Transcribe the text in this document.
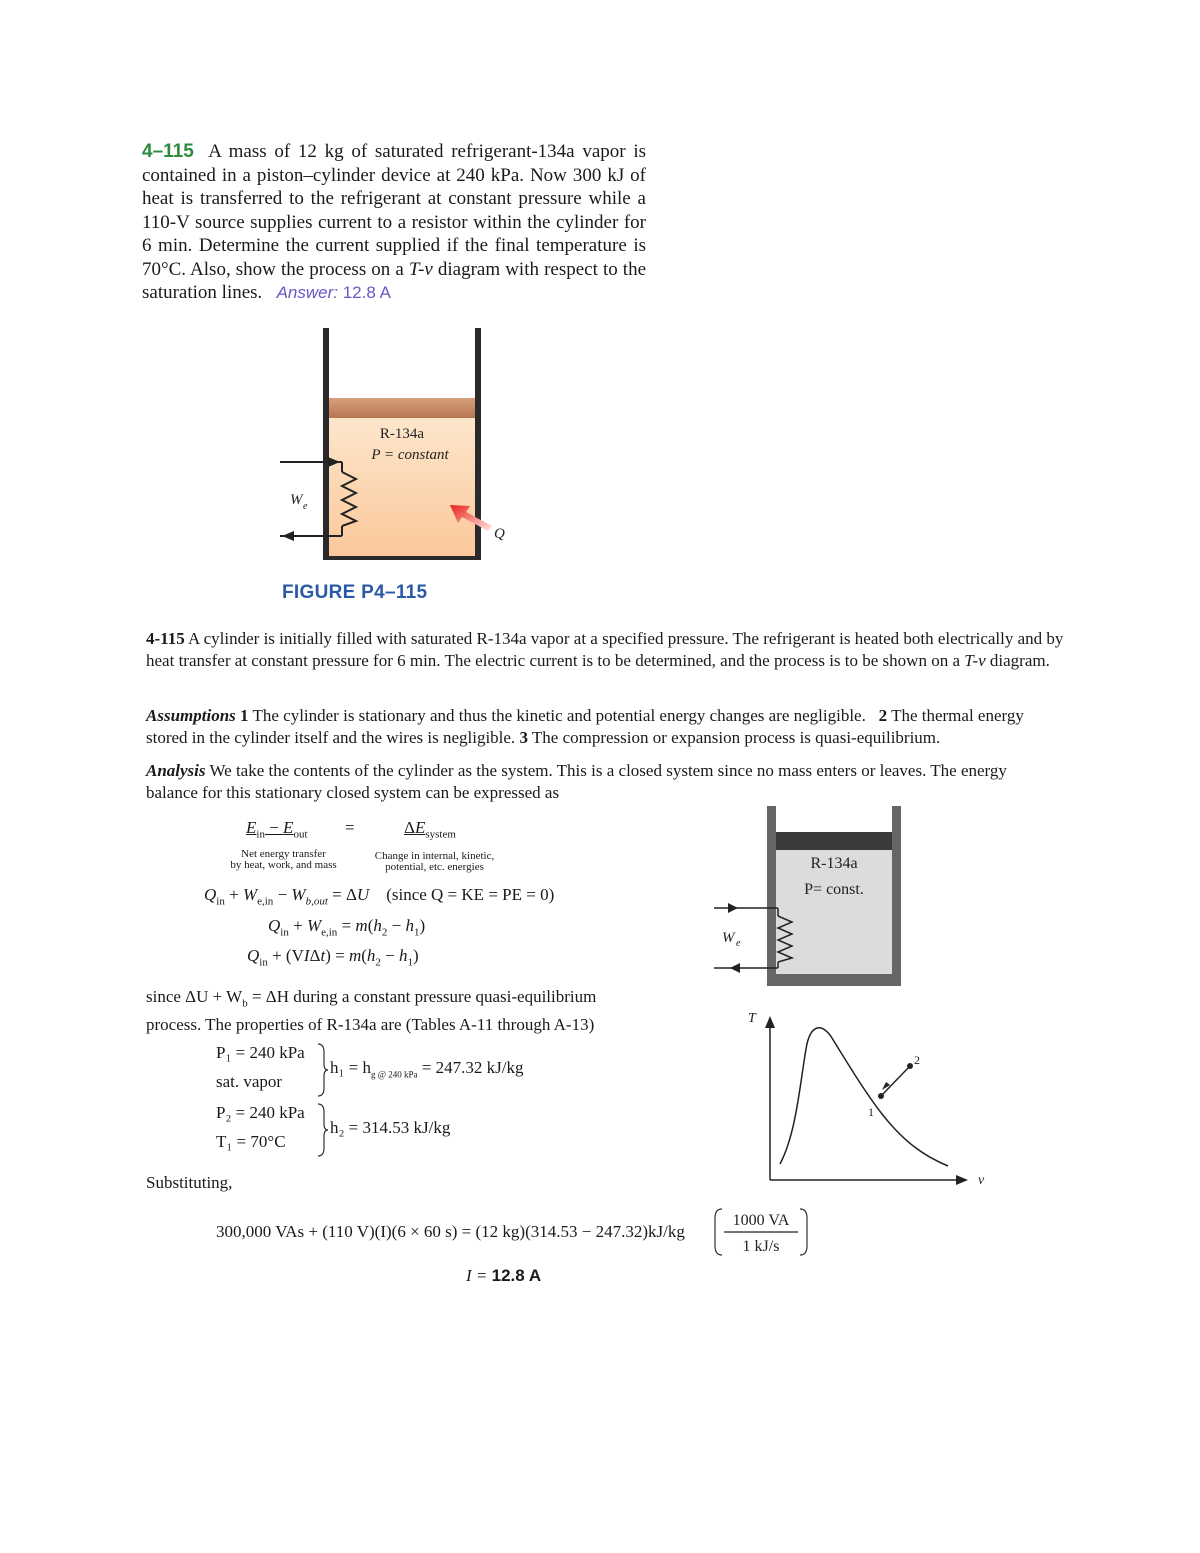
4–115 A mass of 12 kg of saturated refrigerant-134a vapor is contained in a piston–cylinder device at 240 kPa. Now 300 kJ of heat is transferred to the refrigerant at constant pressure while a 110-V source supplies current to a resistor within the cylinder for 6 min. Determine the current supplied if the final temperature is 70°C. Also, show the process on a T-v diagram with respect to the saturation lines. Answer: 12.8 A
R-134a
P = constant
W e
Q
FIGURE P4–115
4-115 A cylinder is initially filled with saturated R-134a vapor at a specified pressure. The refrigerant is heated both electrically and by heat transfer at constant pressure for 6 min. The electric current is to be determined, and the process is to be shown on a T-v diagram.
Assumptions 1 The cylinder is stationary and thus the kinetic and potential energy changes are negligible. 2 The thermal energy stored in the cylinder itself and the wires is negligible. 3 The compression or expansion process is quasi-equilibrium.
Analysis We take the contents of the cylinder as the system. This is a closed system since no mass enters or leaves. The energy balance for this stationary closed system can be expressed as
$E_{in} - E_{out}$ =	$\Delta E_{system}$
Net energy transfer
by heat, work, and mass
Change in internal, kinetic,
potential, etc. energies
$Q_{in} + W_{e,in} - W_{b,out} = \Delta U$ (since Q = KE = PE = 0)
$Q_{in} + W_{e,in} = m(h_2 - h_1)$
$Q_{in} + (VI\Delta t) = m(h_2 - h_1)$
since $\Delta U + W_b = \Delta H$ during a constant pressure quasi-equilibrium
process. The properties of R-134a are (Tables A-11 through A-13)
P₁ = 240 kPa
sat. vapor
$h_1 = h_{g @ 240 kPa} = 247.32$ kJ/kg
P₂ = 240 kPa
T₁ = 70°C
h₂ = 314.53 kJ/kg
Substituting,
300,000 VAs + (110 V)(I)(6 × 60 s) = (12 kg)(314.53 − 247.32)kJ/kg
1000 VA
1 kJ/s
I = 12.8 A
R-134a
P= const.
W e
T
v
1
2
